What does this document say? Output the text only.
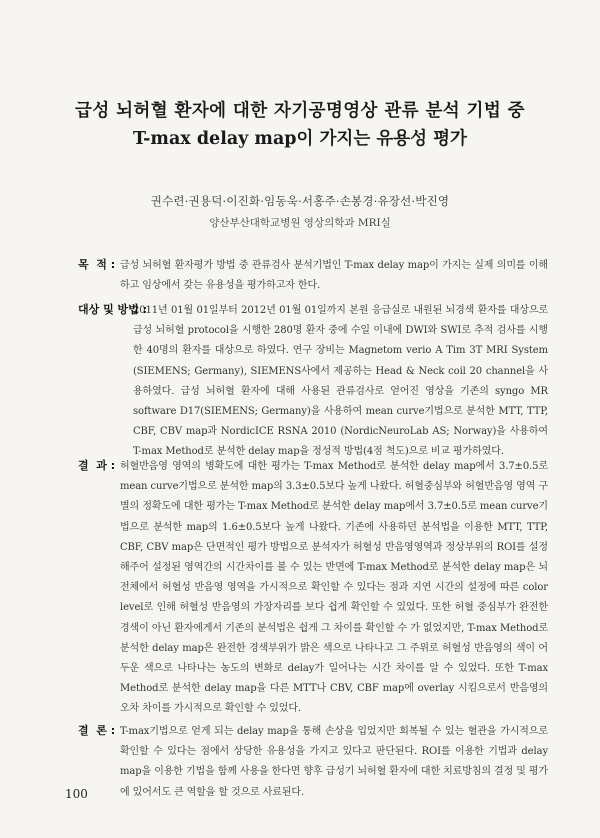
급성 뇌허혈 환자에 대한 자기공명영상 관류 분석 기법 중
T-max delay map이 가지는 유용성 평가
권수련·권용덕·이진화·임동욱·서홍주·손봉경·유장선·박진영
양산부산대학교병원 영상의학과 MRI실
목  적 : 급성 뇌허혈 환자평가 방법 중 관류검사 분석기법인 T-max delay map이 가지는 실제 의미를 이해하고 임상에서 갖는 유용성을 평가하고자 한다.
대상 및 방법 :
2011년 01월 01일부터 2012년 01월 01일까지 본원 응급실로 내원된 뇌경색 환자를 대상으로 급성 뇌허혈 protocol을 시행한 280명 환자 중에 수일 이내에 DWI와 SWI로 추적 검사를 시행한 40명의 환자를 대상으로 하였다. 연구 장비는 Magnetom verio A Tim 3T MRI System (SIEMENS; Germany), SIEMENS사에서 제공하는 Head & Neck coil 20 channel을 사용하였다. 급성 뇌허혈 환자에 대해 사용된 관류검사로 얻어진 영상을 기존의 syngo MR software D17(SIEMENS; Germany)을 사용하여 mean curve기법으로 분석한 MTT, TTP, CBF, CBV map과 NordicICE RSNA 2010 (NordicNeuroLab AS; Norway)을 사용하여 T-max Method로 분석한 delay map을 정성적 방법(4점 척도)으로 비교 평가하였다.
결  과 : 허혈반음영 영역의 병확도에 대한 평가는 T-max Method로 분석한 delay map에서 3.7±0.5로 mean curve기법으로 분석한 map의 3.3±0.5보다 높게 나왔다. 허혈중심부와 허혈반음영 영역 구별의 정확도에 대한 평가는 T-max Method로 분석한 delay map에서 3.7±0.5로 mean curve기법으로 분석한 map의 1.6±0.5보다 높게 나왔다. 기존에 사용하던 분석법을 이용한 MTT, TTP, CBF, CBV map은 단면적인 평가 방법으로 분석자가 허혈성 반음영영역과 정상부위의 ROI를 설정해주어 설정된 영역간의 시간차이를 볼 수 있는 반면에 T-max Method로 분석한 delay map은 뇌 전체에서 허혈성 반음영 영역을 가시적으로 확인할 수 있다는 점과 지연 시간의 설정에 따른 color level로 인해 허혈성 반음영의 가장자리를 보다 쉽게 확인할 수 있었다. 또한 허혈 중심부가 완전한 경색이 아닌 환자에게서 기존의 분석법은 쉽게 그 차이를 확인할 수 가 없었지만, T-max Method로 분석한 delay map은 완전한 경색부위가 밝은 색으로 나타나고 그 주위로 허혈성 반음영의 색이 어두운 색으로 나타나는 농도의 변화로 delay가 일어나는 시간 차이를 알 수 있었다. 또한 T-max Method로 분석한 delay map을 다른 MTT나 CBV, CBF map에 overlay 시킴으로서 반음영의 오차 차이를 가시적으로 확인할 수 있었다.
결  론 : T-max기법으로 얻게 되는 delay map을 통해 손상을 입었지만 회복될 수 있는 혈관을 가시적으로 확인할 수 있다는 점에서 상당한 유용성을 가지고 있다고 판단된다. ROI를 이용한 기법과 delay map을 이용한 기법을 함께 사용을 한다면 향후 급성기 뇌허혈 환자에 대한 치료방침의 결정 및 평가에 있어서도 큰 역할을 할 것으로 사료된다.
100
